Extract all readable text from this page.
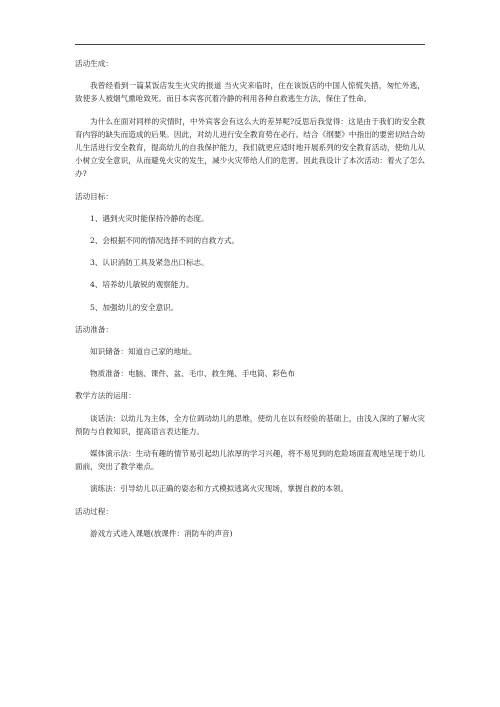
活动生成：

我曾经看到一篇某饭店发生火灾的报道 当火灾来临时，住在该饭店的中国人惊慌失措，匆忙外逃，致使多人被烟气熏呛致死。而日本宾客沉着冷静的利用各种自救逃生方法，保住了性命。

为什么在面对同样的灾情时，中外宾客会有这么大的差异呢?反思后我觉得：这是由于我们的安全教育内容的缺失而造成的后果。因此，对幼儿进行安全教育势在必行。结合《纲要》中指出的要密切结合幼儿生活进行安全教育，提高幼儿的自我保护能力，我们就更应适时地开展系列的安全教育活动，使幼儿从小树立安全意识，从而避免火灾的发生，减少火灾带给人们的危害。因此我设计了本次活动：着火了怎么办?

活动目标：

1、遇到火灾时能保持冷静的态度。

2、会根据不同的情况选择不同的自救方式。

3、认识消防工具及紧急出口标志。

4、培养幼儿敏锐的观察能力。

5、加强幼儿的安全意识。

活动准备：

知识储备：知道自己家的地址。

物质准备：电脑、课件、盆、毛巾、救生绳、手电筒、彩色布

教学方法的运用：

谈话法：以幼儿为主体，全方位调动幼儿的思维，使幼儿在以有经验的基础上，由浅入深的了解火灾预防与自救知识，提高语言表达能力。

媒体演示法：生动有趣的情节易引起幼儿浓厚的学习兴趣，将不易见到的危险场面直观地呈现于幼儿面前，突出了教学难点。

演练法：引导幼儿以正确的姿态和方式模拟逃离火灾现场，掌握自救的本领。

活动过程：

游戏方式进入课题(放课件：消防车的声音)
